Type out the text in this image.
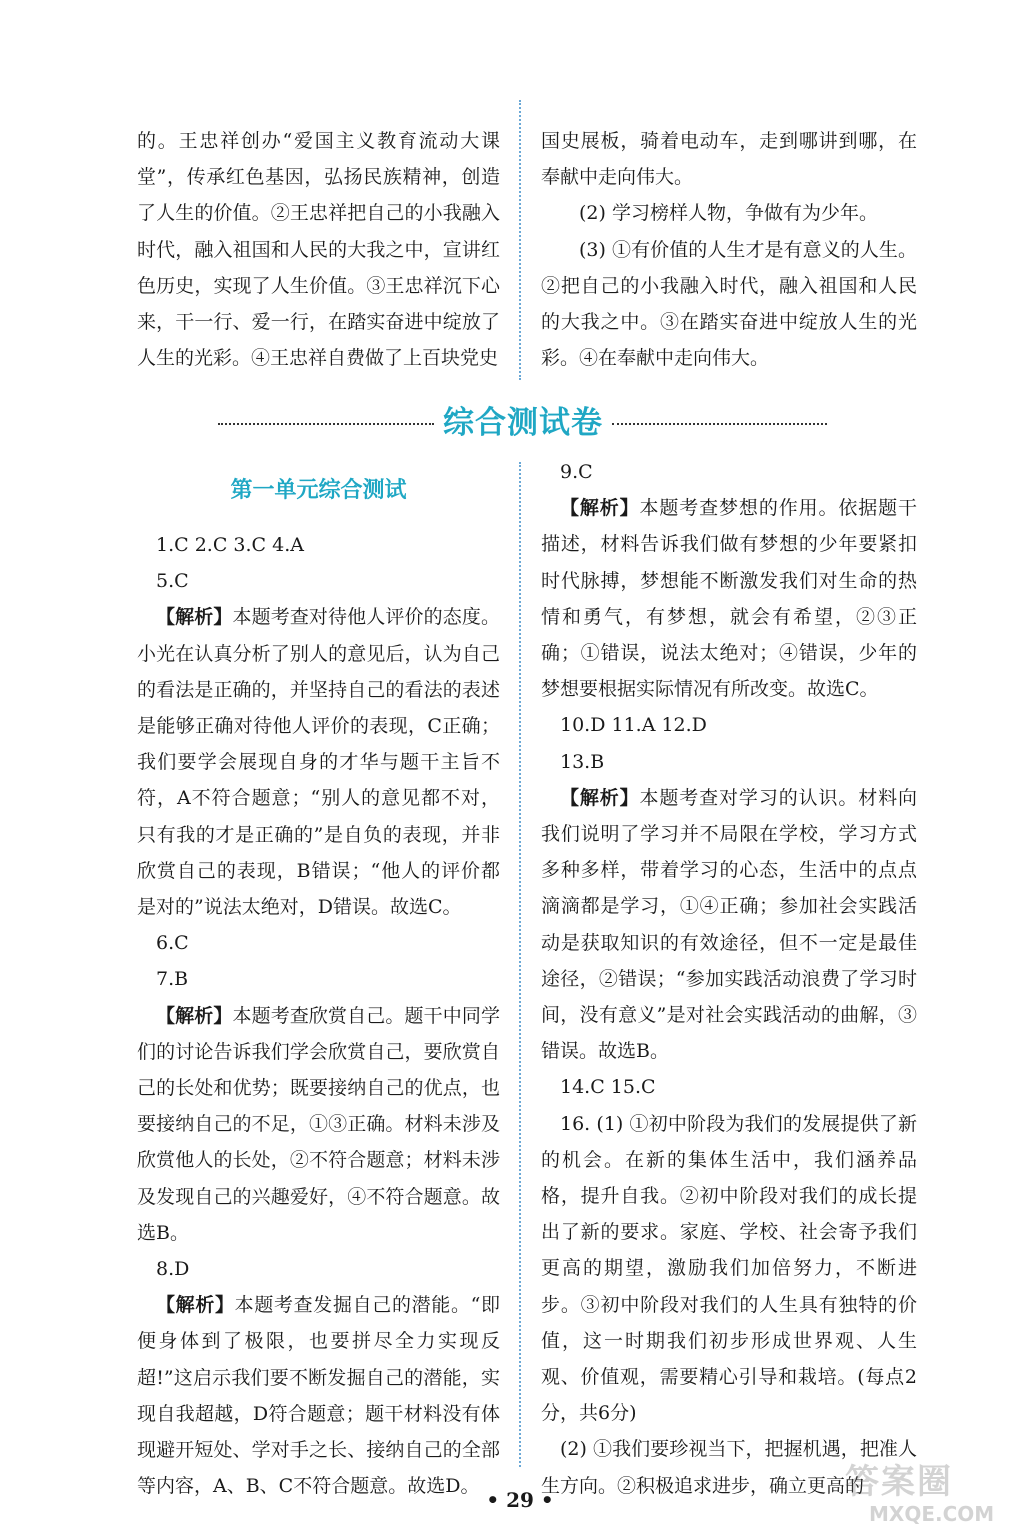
的。王忠祥创办“爱国主义教育流动大课堂”，传承红色基因，弘扬民族精神，创造了人生的价值。②王忠祥把自己的小我融入时代，融入祖国和人民的大我之中，宣讲红色历史，实现了人生价值。③王忠祥沉下心来，干一行、爱一行，在踏实奋进中绽放了人生的光彩。④王忠祥自费做了上百块党史

国史展板，骑着电动车，走到哪讲到哪，在奉献中走向伟大。

(2) 学习榜样人物，争做有为少年。

(3) ①有价值的人生才是有意义的人生。②把自己的小我融入时代，融入祖国和人民的大我之中。③在踏实奋进中绽放人生的光彩。④在奉献中走向伟大。

综合测试卷

第一单元综合测试

1.C 2.C 3.C 4.A

5.C

【解析】本题考查对待他人评价的态度。小光在认真分析了别人的意见后，认为自己的看法是正确的，并坚持自己的看法的表述是能够正确对待他人评价的表现，C正确；我们要学会展现自身的才华与题干主旨不符，A不符合题意；“别人的意见都不对，只有我的才是正确的”是自负的表现，并非欣赏自己的表现，B错误；“他人的评价都是对的”说法太绝对，D错误。故选C。

6.C

7.B

【解析】本题考查欣赏自己。题干中同学们的讨论告诉我们学会欣赏自己，要欣赏自己的长处和优势；既要接纳自己的优点，也要接纳自己的不足，①③正确。材料未涉及欣赏他人的长处，②不符合题意；材料未涉及发现自己的兴趣爱好，④不符合题意。故选B。

8.D

【解析】本题考查发掘自己的潜能。“即便身体到了极限，也要拼尽全力实现反超!”这启示我们要不断发掘自己的潜能，实现自我超越，D符合题意；题干材料没有体现避开短处、学对手之长、接纳自己的全部等内容，A、B、C不符合题意。故选D。

9.C

【解析】本题考查梦想的作用。依据题干描述，材料告诉我们做有梦想的少年要紧扣时代脉搏，梦想能不断激发我们对生命的热情和勇气，有梦想，就会有希望，②③正确；①错误，说法太绝对；④错误，少年的梦想要根据实际情况有所改变。故选C。

10.D 11.A 12.D

13.B

【解析】本题考查对学习的认识。材料向我们说明了学习并不局限在学校，学习方式多种多样，带着学习的心态，生活中的点点滴滴都是学习，①④正确；参加社会实践活动是获取知识的有效途径，但不一定是最佳途径，②错误；“参加实践活动浪费了学习时间，没有意义”是对社会实践活动的曲解，③错误。故选B。

14.C 15.C

16. (1) ①初中阶段为我们的发展提供了新的机会。在新的集体生活中，我们涵养品格，提升自我。②初中阶段对我们的成长提出了新的要求。家庭、学校、社会寄予我们更高的期望，激励我们加倍努力，不断进步。③初中阶段对我们的人生具有独特的价值，这一时期我们初步形成世界观、人生观、价值观，需要精心引导和栽培。(每点2分，共6分)

(2) ①我们要珍视当下，把握机遇，把准人生方向。②积极追求进步，确立更高的

• 29 •	答案圈
MXQE.COM
